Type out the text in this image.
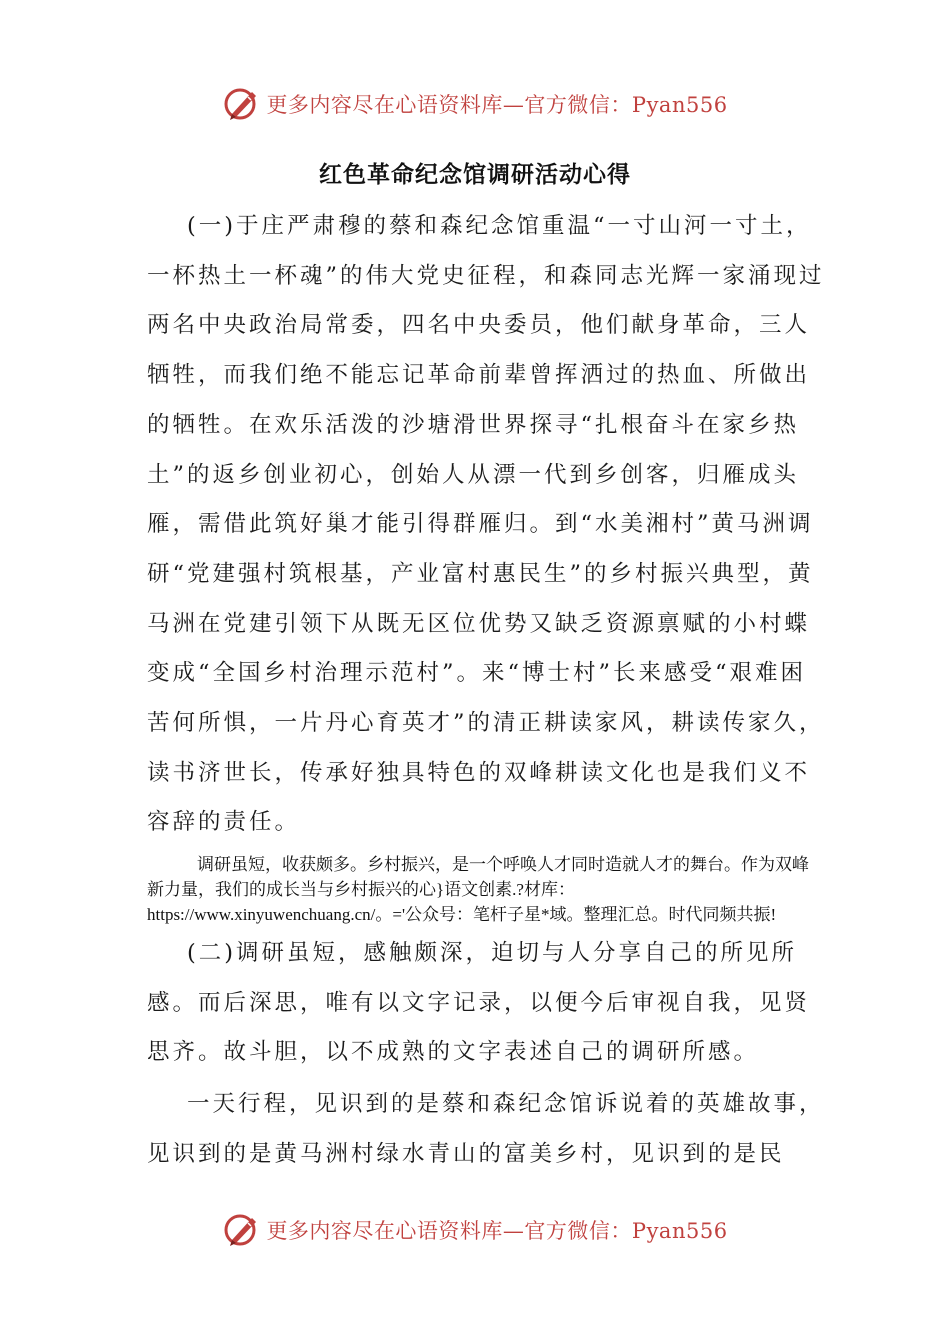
更多内容尽在心语资料库—官方微信：Pyan556
红色革命纪念馆调研活动心得

(一)于庄严肃穆的蔡和森纪念馆重温“一寸山河一寸土，一杯热土一杯魂”的伟大党史征程，和森同志光辉一家涌现过两名中央政治局常委，四名中央委员，他们献身革命，三人牺牲，而我们绝不能忘记革命前辈曾挥洒过的热血、所做出的牺牲。在欢乐活泼的沙塘滑世界探寻“扎根奋斗在家乡热土”的返乡创业初心，创始人从漂一代到乡创客，归雁成头雁，需借此筑好巢才能引得群雁归。到“水美湘村”黄马洲调研“党建强村筑根基，产业富村惠民生”的乡村振兴典型，黄马洲在党建引领下从既无区位优势又缺乏资源禀赋的小村蝶变成“全国乡村治理示范村”。来“博士村”长来感受“艰难困苦何所惧，一片丹心育英才”的清正耕读家风，耕读传家久，读书济世长，传承好独具特色的双峰耕读文化也是我们义不容辞的责任。

调研虽短，收获颇多。乡村振兴，是一个呼唤人才同时造就人才的舞台。作为双峰新力量，我们的成长当与乡村振兴的心}语文创素.?材库：https://www.xinyuwenchuang.cn/。='公众号：笔杆子星*域。整理汇总。时代同频共振!

(二)调研虽短，感触颇深，迫切与人分享自己的所见所感。而后深思，唯有以文字记录，以便今后审视自我，见贤思齐。故斗胆，以不成熟的文字表述自己的调研所感。

一天行程，见识到的是蔡和森纪念馆诉说着的英雄故事，见识到的是黄马洲村绿水青山的富美乡村，见识到的是民

更多内容尽在心语资料库—官方微信：Pyan556
